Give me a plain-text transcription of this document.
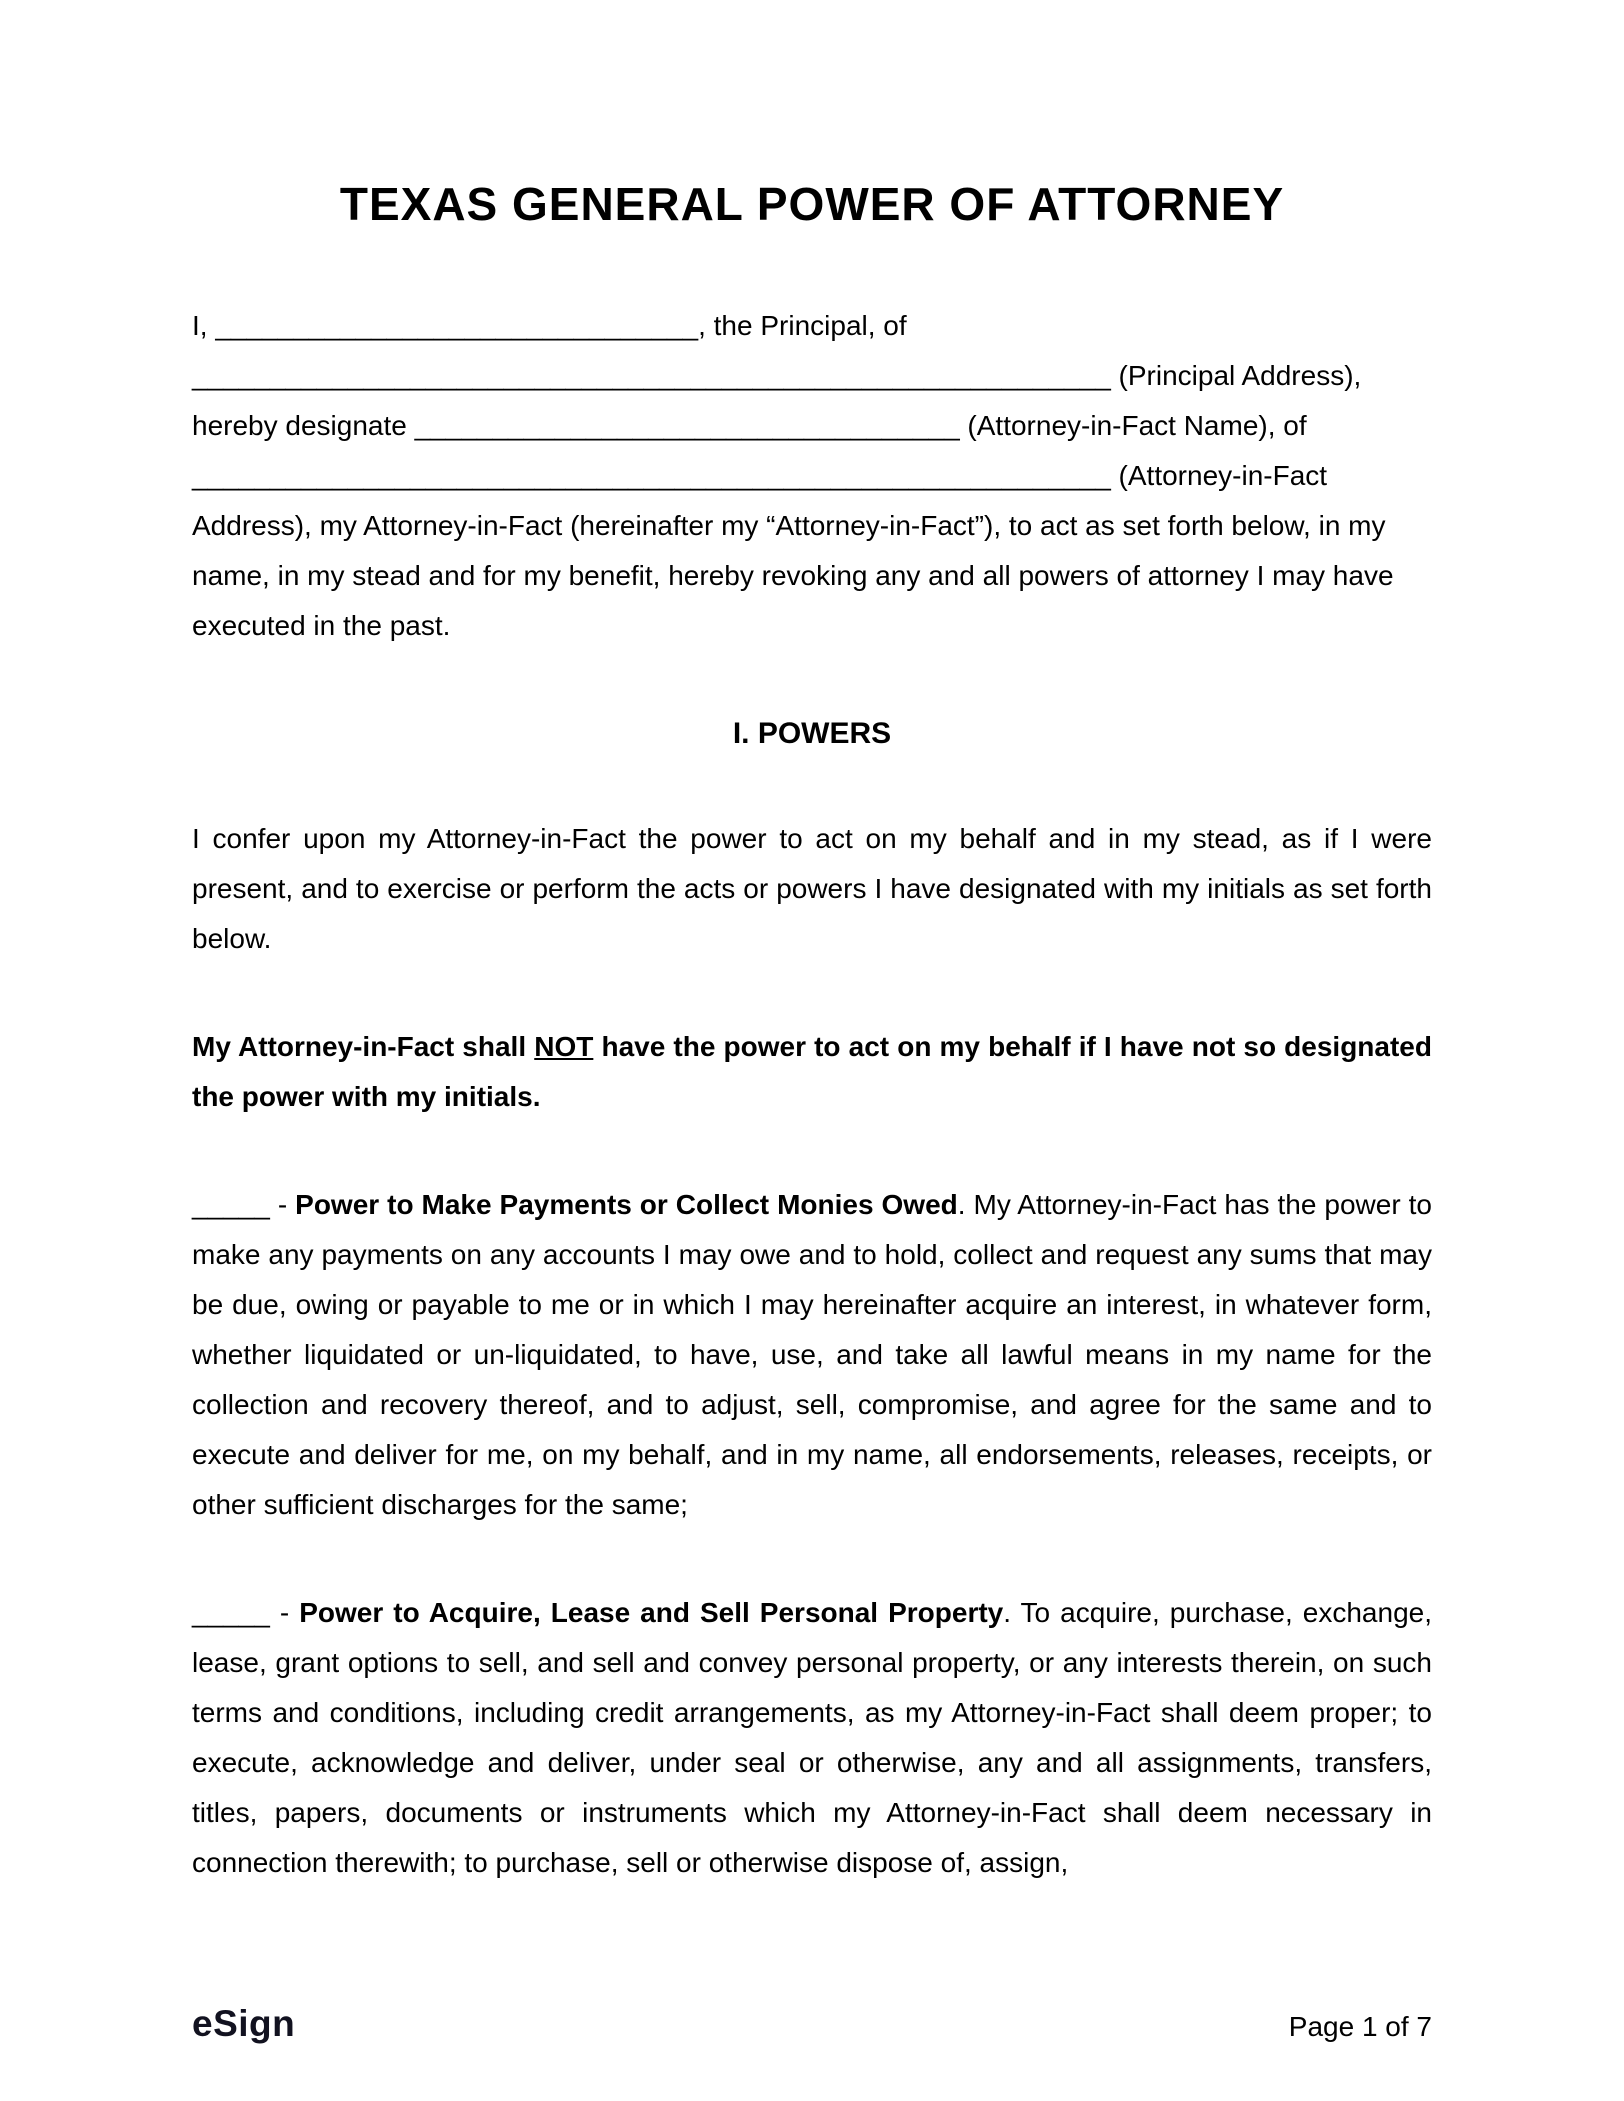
TEXAS GENERAL POWER OF ATTORNEY

I, _______________________________, the Principal, of ___________________________________________________________ (Principal Address), hereby designate ___________________________________ (Attorney-in-Fact Name), of ___________________________________________________________ (Attorney-in-Fact Address), my Attorney-in-Fact (hereinafter my “Attorney-in-Fact”), to act as set forth below, in my name, in my stead and for my benefit, hereby revoking any and all powers of attorney I may have executed in the past.

I. POWERS

I confer upon my Attorney-in-Fact the power to act on my behalf and in my stead, as if I were present, and to exercise or perform the acts or powers I have designated with my initials as set forth below.

My Attorney-in-Fact shall NOT have the power to act on my behalf if I have not so designated the power with my initials.

_____ - Power to Make Payments or Collect Monies Owed. My Attorney-in-Fact has the power to make any payments on any accounts I may owe and to hold, collect and request any sums that may be due, owing or payable to me or in which I may hereinafter acquire an interest, in whatever form, whether liquidated or un-liquidated, to have, use, and take all lawful means in my name for the collection and recovery thereof, and to adjust, sell, compromise, and agree for the same and to execute and deliver for me, on my behalf, and in my name, all endorsements, releases, receipts, or other sufficient discharges for the same;

_____ - Power to Acquire, Lease and Sell Personal Property. To acquire, purchase, exchange, lease, grant options to sell, and sell and convey personal property, or any interests therein, on such terms and conditions, including credit arrangements, as my Attorney-in-Fact shall deem proper; to execute, acknowledge and deliver, under seal or otherwise, any and all assignments, transfers, titles, papers, documents or instruments which my Attorney-in-Fact shall deem necessary in connection therewith; to purchase, sell or otherwise dispose of, assign,

eSign	Page 1 of 7
